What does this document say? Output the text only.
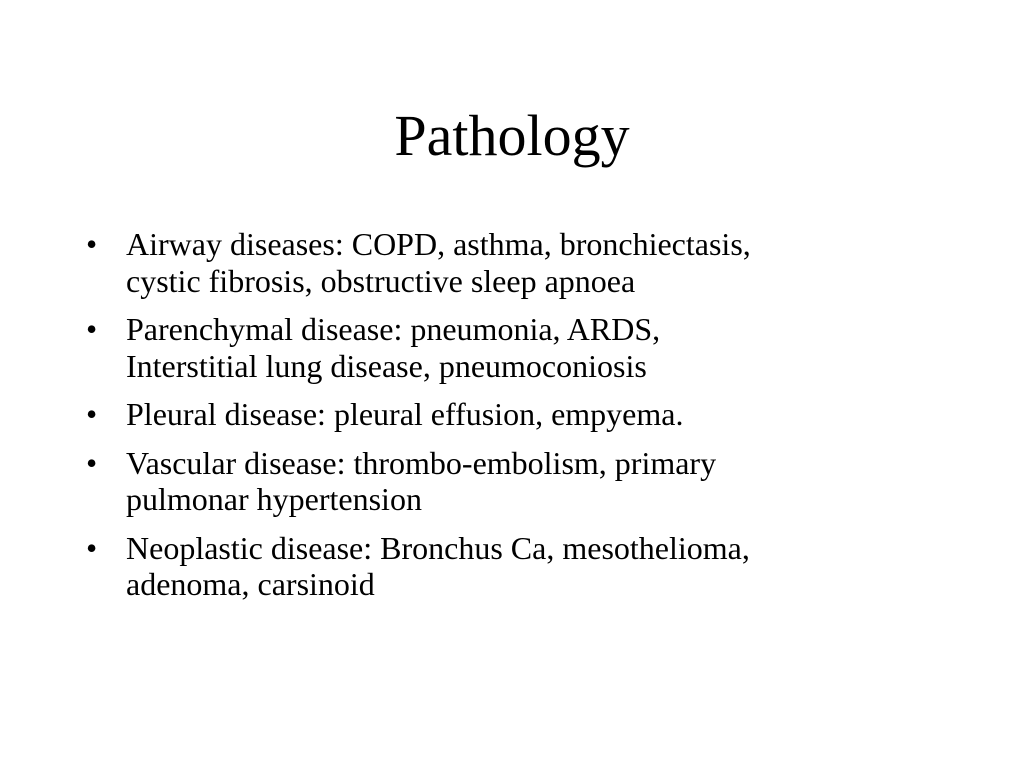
Pathology
• Airway diseases: COPD, asthma, bronchiectasis,
cystic fibrosis, obstructive sleep apnoea
• Parenchymal disease: pneumonia, ARDS,
Interstitial lung disease, pneumoconiosis
• Pleural disease: pleural effusion, empyema.
• Vascular disease: thrombo-embolism, primary
pulmonar hypertension
• Neoplastic disease: Bronchus Ca, mesothelioma,
adenoma, carsinoid
